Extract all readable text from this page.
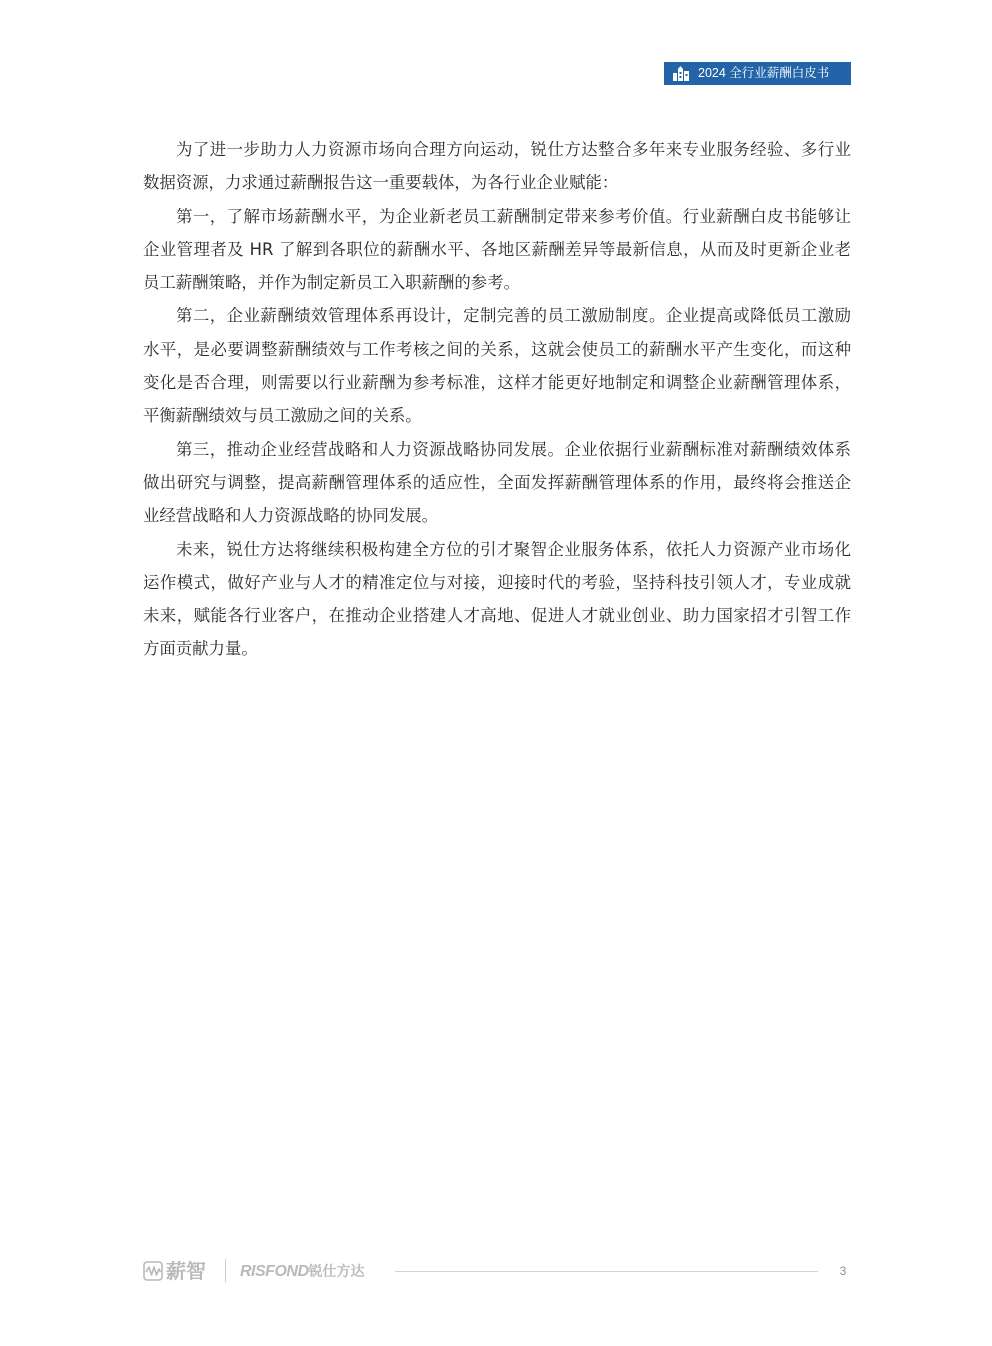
2024 全行业薪酬白皮书
为了进一步助力人力资源市场向合理方向运动，锐仕方达整合多年来专业服务经验、多行业
数据资源，力求通过薪酬报告这一重要载体，为各行业企业赋能：
第一，了解市场薪酬水平，为企业新老员工薪酬制定带来参考价值。行业薪酬白皮书能够让
企业管理者及 HR 了解到各职位的薪酬水平、各地区薪酬差异等最新信息，从而及时更新企业老
员工薪酬策略，并作为制定新员工入职薪酬的参考。
第二，企业薪酬绩效管理体系再设计，定制完善的员工激励制度。企业提高或降低员工激励
水平，是必要调整薪酬绩效与工作考核之间的关系，这就会使员工的薪酬水平产生变化，而这种
变化是否合理，则需要以行业薪酬为参考标准，这样才能更好地制定和调整企业薪酬管理体系，
平衡薪酬绩效与员工激励之间的关系。
第三，推动企业经营战略和人力资源战略协同发展。企业依据行业薪酬标准对薪酬绩效体系
做出研究与调整，提高薪酬管理体系的适应性，全面发挥薪酬管理体系的作用，最终将会推送企
业经营战略和人力资源战略的协同发展。
未来，锐仕方达将继续积极构建全方位的引才聚智企业服务体系，依托人力资源产业市场化
运作模式，做好产业与人才的精准定位与对接，迎接时代的考验，坚持科技引领人才，专业成就
未来，赋能各行业客户，在推动企业搭建人才高地、促进人才就业创业、助力国家招才引智工作
方面贡献力量。
薪智 RISFOND锐仕方达	3
